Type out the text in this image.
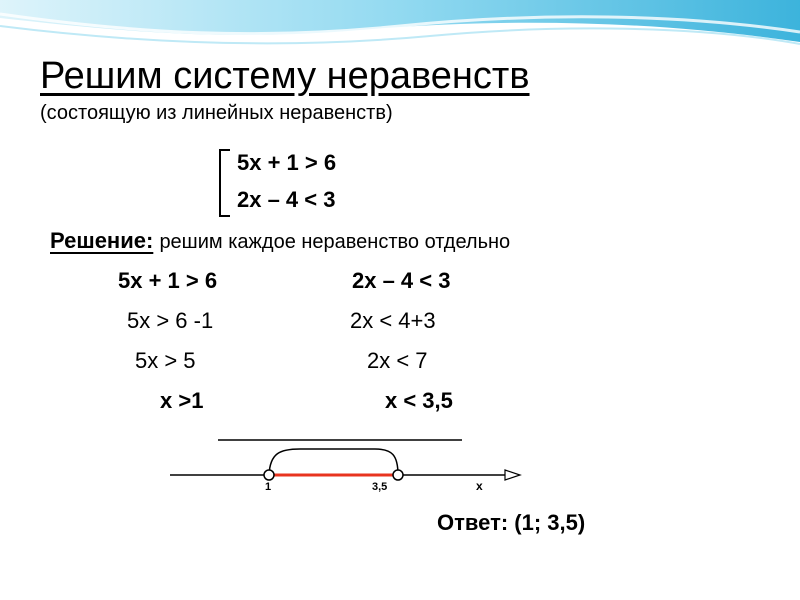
Решим систему неравенств
(состоящую из линейных неравенств)
5x + 1 > 6
2x – 4 < 3
Решение: решим каждое неравенство отдельно
5x + 1 > 6
5x > 6 -1
5x > 5
x >1
2x – 4 < 3
2x < 4+3
2x < 7
x < 3,5
1	3,5	x
Ответ: (1; 3,5)
